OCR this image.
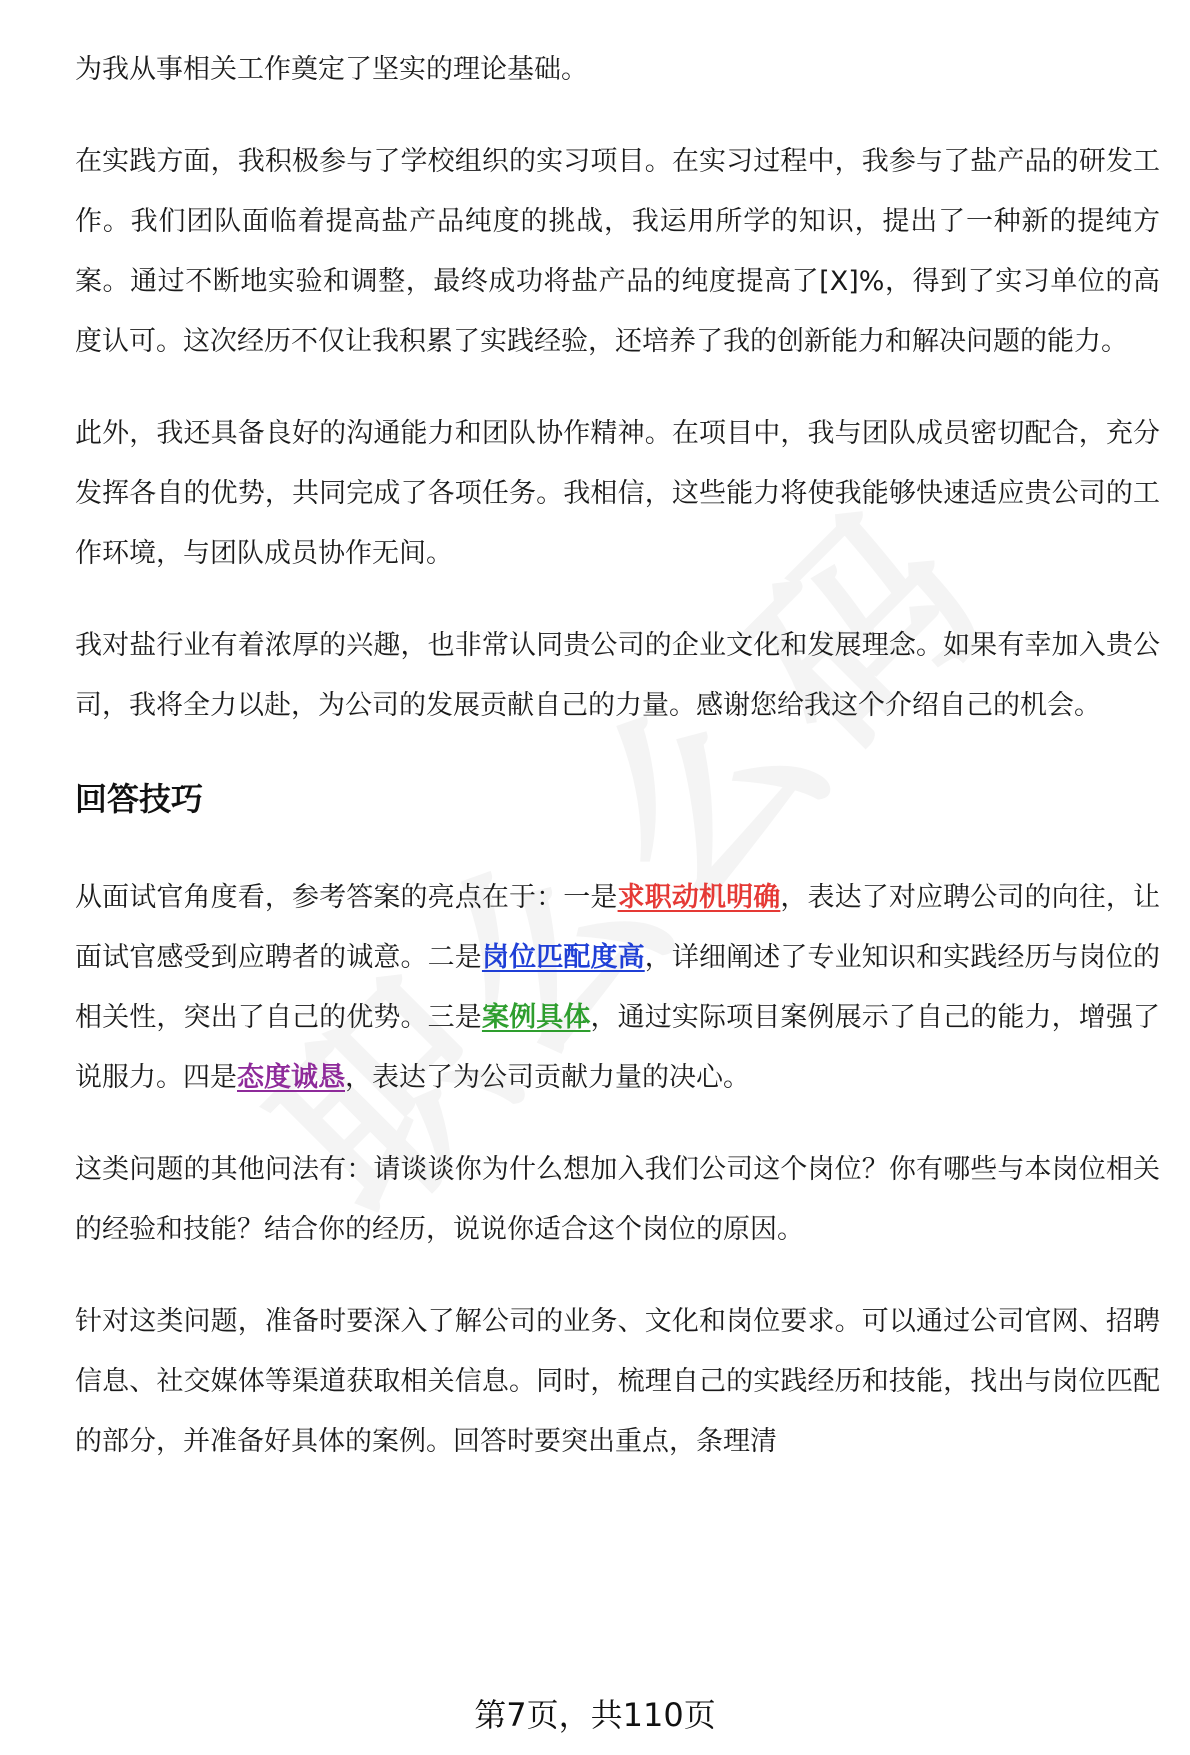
为我从事相关工作奠定了坚实的理论基础。

在实践方面，我积极参与了学校组织的实习项目。在实习过程中，我参与了盐产品的研发工作。我们团队面临着提高盐产品纯度的挑战，我运用所学的知识，提出了一种新的提纯方案。通过不断地实验和调整，最终成功将盐产品的纯度提高了[X]%，得到了实习单位的高度认可。这次经历不仅让我积累了实践经验，还培养了我的创新能力和解决问题的能力。

此外，我还具备良好的沟通能力和团队协作精神。在项目中，我与团队成员密切配合，充分发挥各自的优势，共同完成了各项任务。我相信，这些能力将使我能够快速适应贵公司的工作环境，与团队成员协作无间。

我对盐行业有着浓厚的兴趣，也非常认同贵公司的企业文化和发展理念。如果有幸加入贵公司，我将全力以赴，为公司的发展贡献自己的力量。感谢您给我这个介绍自己的机会。

回答技巧

从面试官角度看，参考答案的亮点在于：一是求职动机明确，表达了对应聘公司的向往，让面试官感受到应聘者的诚意。二是岗位匹配度高，详细阐述了专业知识和实践经历与岗位的相关性，突出了自己的优势。三是案例具体，通过实际项目案例展示了自己的能力，增强了说服力。四是态度诚恳，表达了为公司贡献力量的决心。

这类问题的其他问法有：请谈谈你为什么想加入我们公司这个岗位？你有哪些与本岗位相关的经验和技能？结合你的经历，说说你适合这个岗位的原因。

针对这类问题，准备时要深入了解公司的业务、文化和岗位要求。可以通过公司官网、招聘信息、社交媒体等渠道获取相关信息。同时，梳理自己的实践经历和技能，找出与岗位匹配的部分，并准备好具体的案例。回答时要突出重点，条理清

第7页，共110页
